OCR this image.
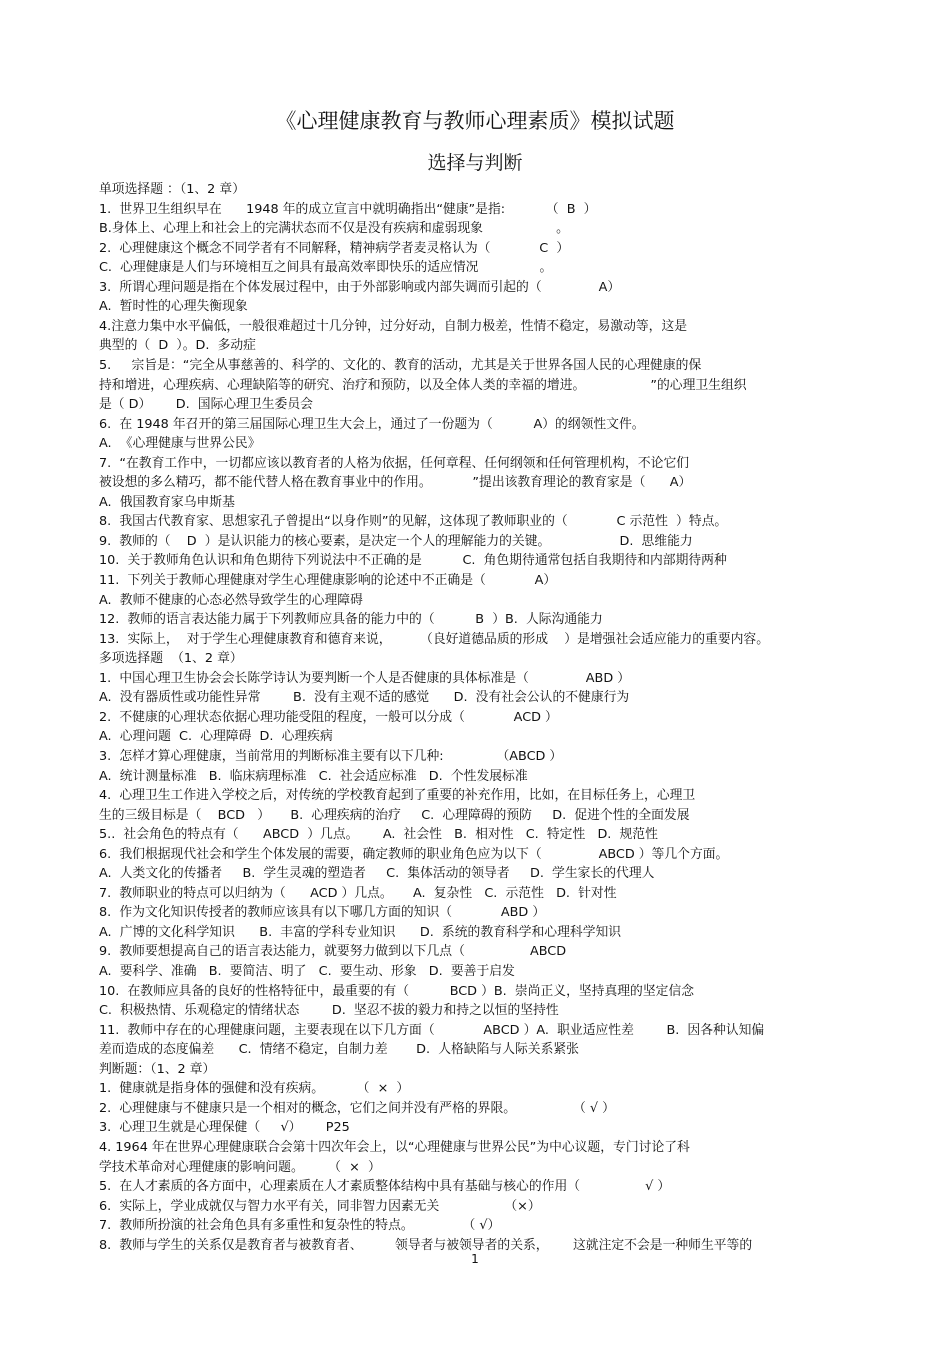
《心理健康教育与教师心理素质》模拟试题
选择与判断
单项选择题 ：（1、2 章）
1.  世界卫生组织早在      1948 年的成立宣言中就明确指出“健康”是指:          （  B  ）
B.身体上、心理上和社会上的完满状态而不仅是没有疾病和虚弱现象                  。
2.  心理健康这个概念不同学者有不同解释，精神病学者麦灵格认为（            C  ）
C.  心理健康是人们与环境相互之间具有最高效率即快乐的适应情况               。
3.  所谓心理问题是指在个体发展过程中，由于外部影响或内部失调而引起的（              A）
A.  暂时性的心理失衡现象
4.注意力集中水平偏低，一般很难超过十几分钟，过分好动，自制力极差，性情不稳定，易激动等，这是
典型的（  D  ）。D.  多动症
5.     宗旨是：“完全从事慈善的、科学的、文化的、教育的活动，尤其是关于世界各国人民的心理健康的保
持和增进，心理疾病、心理缺陷等的研究、治疗和预防，以及全体人类的幸福的增进。                ”的心理卫生组织
是（ D）      D.  国际心理卫生委员会
6.  在 1948 年召开的第三届国际心理卫生大会上，通过了一份题为（          A）的纲领性文件。
A.  《心理健康与世界公民》
7.  “在教育工作中，一切都应该以教育者的人格为依据，任何章程、任何纲领和任何管理机构，不论它们
被设想的多么精巧，都不能代替人格在教育事业中的作用。          ”提出该教育理论的教育家是（      A）
A.  俄国教育家乌申斯基
8.  我国古代教育家、思想家孔子曾提出“以身作则”的见解，这体现了教师职业的（            C 示范性  ）特点。
9.  教师的（    D  ）是认识能力的核心要素，是决定一个人的理解能力的关键。                 D.  思维能力
10.  关于教师角色认识和角色期待下列说法中不正确的是          C.  角色期待通常包括自我期待和内部期待两种
11.  下列关于教师心理健康对学生心理健康影响的论述中不正确是（            A）
A.  教师不健康的心态必然导致学生的心理障碍
12.  教师的语言表达能力属于下列教师应具备的能力中的（          B  ）B.  人际沟通能力
13.  实际上，  对于学生心理健康教育和德育来说，       （良好道德品质的形成    ）是增强社会适应能力的重要内容。
多项选择题  （1、2 章）
1.  中国心理卫生协会会长陈学诗认为要判断一个人是否健康的具体标准是（              ABD ）
A.  没有器质性或功能性异常        B.  没有主观不适的感觉      D.  没有社会公认的不健康行为
2.  不健康的心理状态依据心理功能受阻的程度，一般可以分成（            ACD ）
A.  心理问题  C.  心理障碍  D.  心理疾病
3.  怎样才算心理健康，当前常用的判断标准主要有以下几种:             （ABCD ）
A.  统计测量标准   B.  临床病理标准   C.  社会适应标准   D.  个性发展标准
4.  心理卫生工作进入学校之后，对传统的学校教育起到了重要的补充作用，比如，在目标任务上，心理卫
生的三级目标是（    BCD   ）     B.  心理疾病的治疗     C.  心理障碍的预防     D.  促进个性的全面发展
5..  社会角色的特点有（      ABCD  ）几点。      A.  社会性   B.  相对性   C.  特定性   D.  规范性
6.  我们根据现代社会和学生个体发展的需要，确定教师的职业角色应为以下（              ABCD ）等几个方面。
A.  人类文化的传播者     B.  学生灵魂的塑造者     C.  集体活动的领导者     D.  学生家长的代理人
7.  教师职业的特点可以归纳为（      ACD ）几点。     A.  复杂性   C.  示范性   D.  针对性
8.  作为文化知识传授者的教师应该具有以下哪几方面的知识（            ABD ）
A.  广博的文化科学知识      B.  丰富的学科专业知识      D.  系统的教育科学和心理科学知识
9.  教师要想提高自己的语言表达能力，就要努力做到以下几点（                ABCD
A.  要科学、准确   B.  要简洁、明了   C.  要生动、形象   D.  要善于启发
10.  在教师应具备的良好的性格特征中，最重要的有（          BCD ）B.  崇尚正义，坚持真理的坚定信念
C.  积极热情、乐观稳定的情绪状态        D.  坚忍不拔的毅力和持之以恒的坚持性
11.  教师中存在的心理健康问题，主要表现在以下几方面（            ABCD ）A.  职业适应性差        B.  因各种认知偏
差而造成的态度偏差      C.  情绪不稳定，自制力差       D.  人格缺陷与人际关系紧张
判断题：（1、2 章）
1.  健康就是指身体的强健和没有疾病。        （  ×  ）
2.  心理健康与不健康只是一个相对的概念，它们之间并没有严格的界限。              （ √ ）
3.  心理卫生就是心理保健（     √）      P25
4. 1964 年在世界心理健康联合会第十四次年会上，以“心理健康与世界公民”为中心议题，专门讨论了科
学技术革命对心理健康的影响问题。      （  ×  ）
5.  在人才素质的各方面中，心理素质在人才素质整体结构中具有基础与核心的作用（                √ ）
6.  实际上，学业成就仅与智力水平有关，同非智力因素无关                （×）
7.  教师所扮演的社会角色具有多重性和复杂性的特点。            （ √）
8.  教师与学生的关系仅是教育者与被教育者、        领导者与被领导者的关系，      这就注定不会是一种师生平等的
1
